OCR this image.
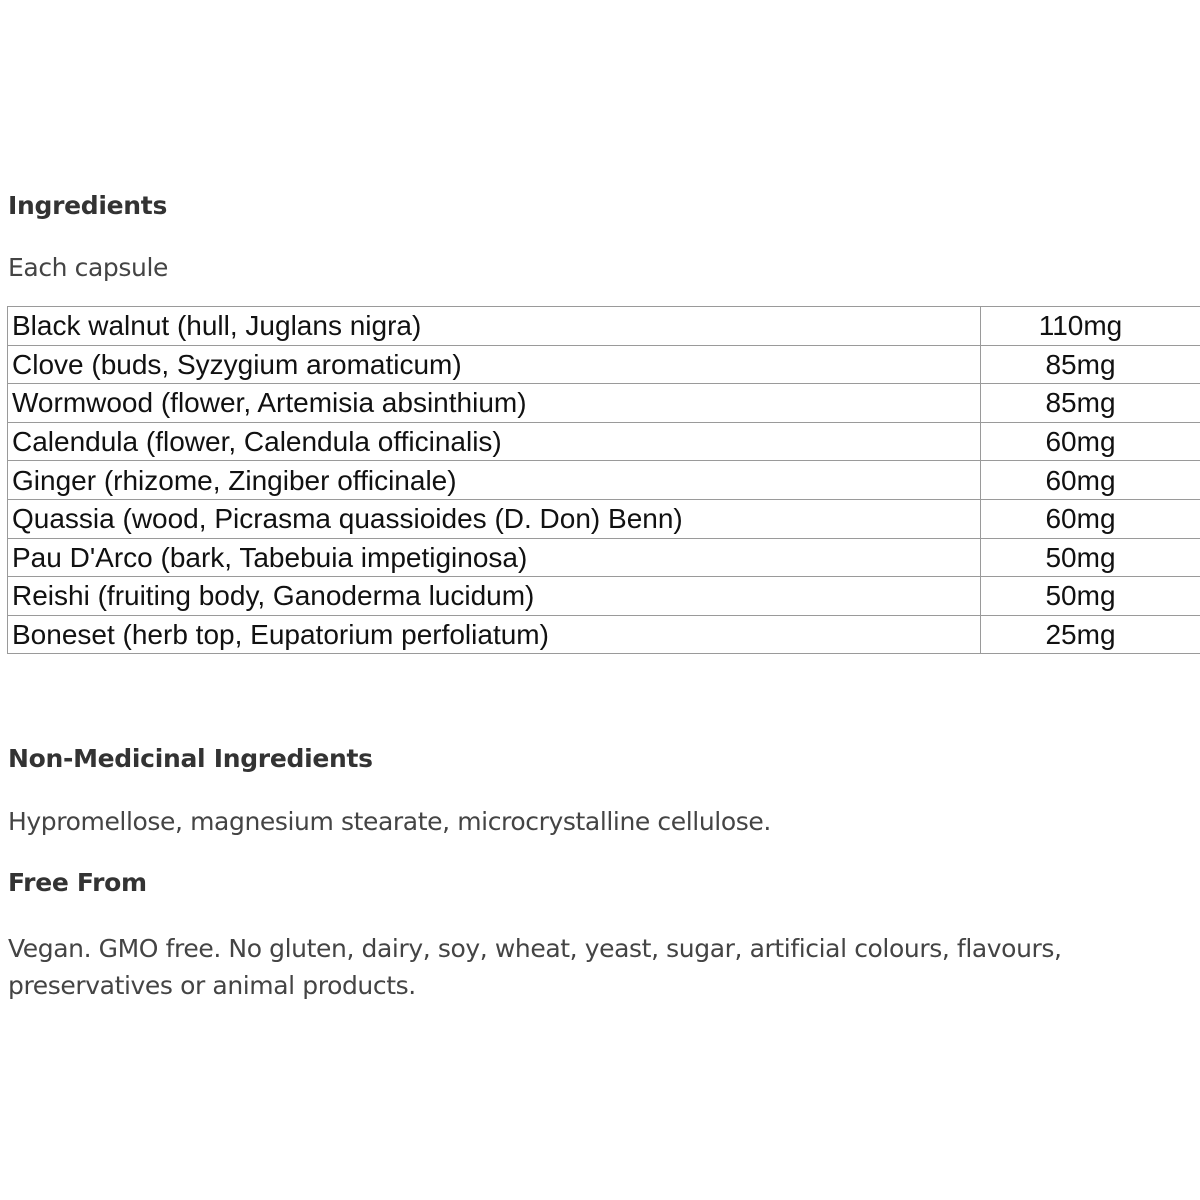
Ingredients

Each capsule

Black walnut (hull, Juglans nigra)	110mg
Clove (buds, Syzygium aromaticum)	85mg
Wormwood (flower, Artemisia absinthium)	85mg
Calendula (flower, Calendula officinalis)	60mg
Ginger (rhizome, Zingiber officinale)	60mg
Quassia (wood, Picrasma quassioides (D. Don) Benn)	60mg
Pau D'Arco (bark, Tabebuia impetiginosa)	50mg
Reishi (fruiting body, Ganoderma lucidum)	50mg
Boneset (herb top, Eupatorium perfoliatum)	25mg
Non-Medicinal Ingredients

Hypromellose, magnesium stearate, microcrystalline cellulose.

Free From

Vegan. GMO free. No gluten, dairy, soy, wheat, yeast, sugar, artificial colours, flavours, preservatives or animal products.
